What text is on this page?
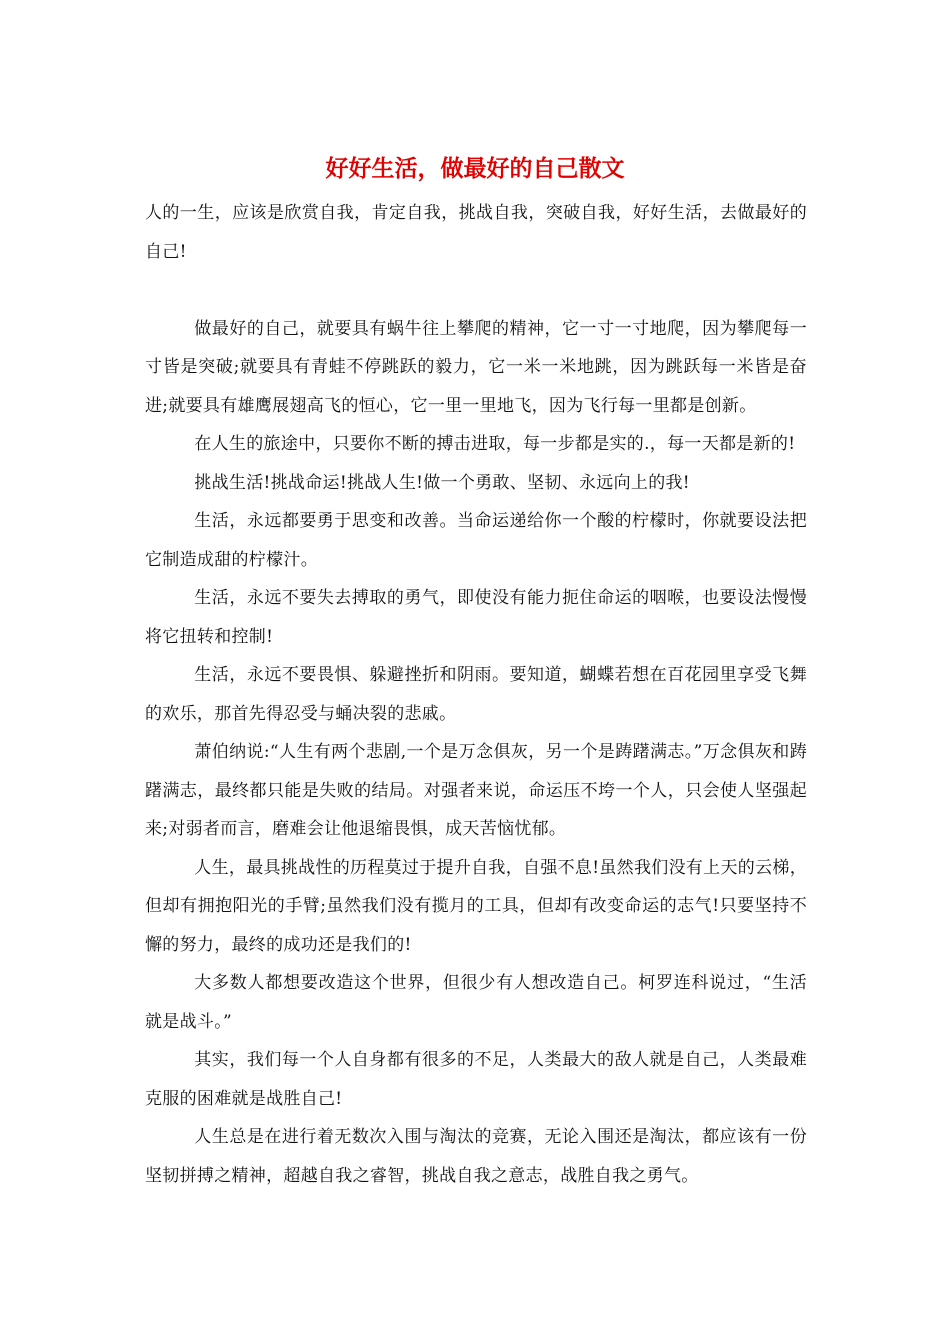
好好生活，做最好的自己散文

人的一生，应该是欣赏自我，肯定自我，挑战自我，突破自我，好好生活，去做最好的自己!

做最好的自己，就要具有蜗牛往上攀爬的精神，它一寸一寸地爬，因为攀爬每一寸皆是突破;就要具有青蛙不停跳跃的毅力，它一米一米地跳，因为跳跃每一米皆是奋进;就要具有雄鹰展翅高飞的恒心，它一里一里地飞，因为飞行每一里都是创新。

在人生的旅途中，只要你不断的搏击进取，每一步都是实的.，每一天都是新的!

挑战生活!挑战命运!挑战人生!做一个勇敢、坚韧、永远向上的我!

生活，永远都要勇于思变和改善。当命运递给你一个酸的柠檬时，你就要设法把它制造成甜的柠檬汁。

生活，永远不要失去搏取的勇气，即使没有能力扼住命运的咽喉，也要设法慢慢将它扭转和控制!

生活，永远不要畏惧、躲避挫折和阴雨。要知道，蝴蝶若想在百花园里享受飞舞的欢乐，那首先得忍受与蛹决裂的悲戚。

萧伯纳说:“人生有两个悲剧,一个是万念俱灰，另一个是踌躇满志。”万念俱灰和踌躇满志，最终都只能是失败的结局。对强者来说，命运压不垮一个人，只会使人坚强起来;对弱者而言，磨难会让他退缩畏惧，成天苦恼忧郁。

人生，最具挑战性的历程莫过于提升自我，自强不息!虽然我们没有上天的云梯，但却有拥抱阳光的手臂;虽然我们没有揽月的工具，但却有改变命运的志气!只要坚持不懈的努力，最终的成功还是我们的!

大多数人都想要改造这个世界，但很少有人想改造自己。柯罗连科说过，“生活就是战斗。”

其实，我们每一个人自身都有很多的不足，人类最大的敌人就是自己，人类最难克服的困难就是战胜自己!

人生总是在进行着无数次入围与淘汰的竞赛，无论入围还是淘汰，都应该有一份坚韧拼搏之精神，超越自我之睿智，挑战自我之意志，战胜自我之勇气。
